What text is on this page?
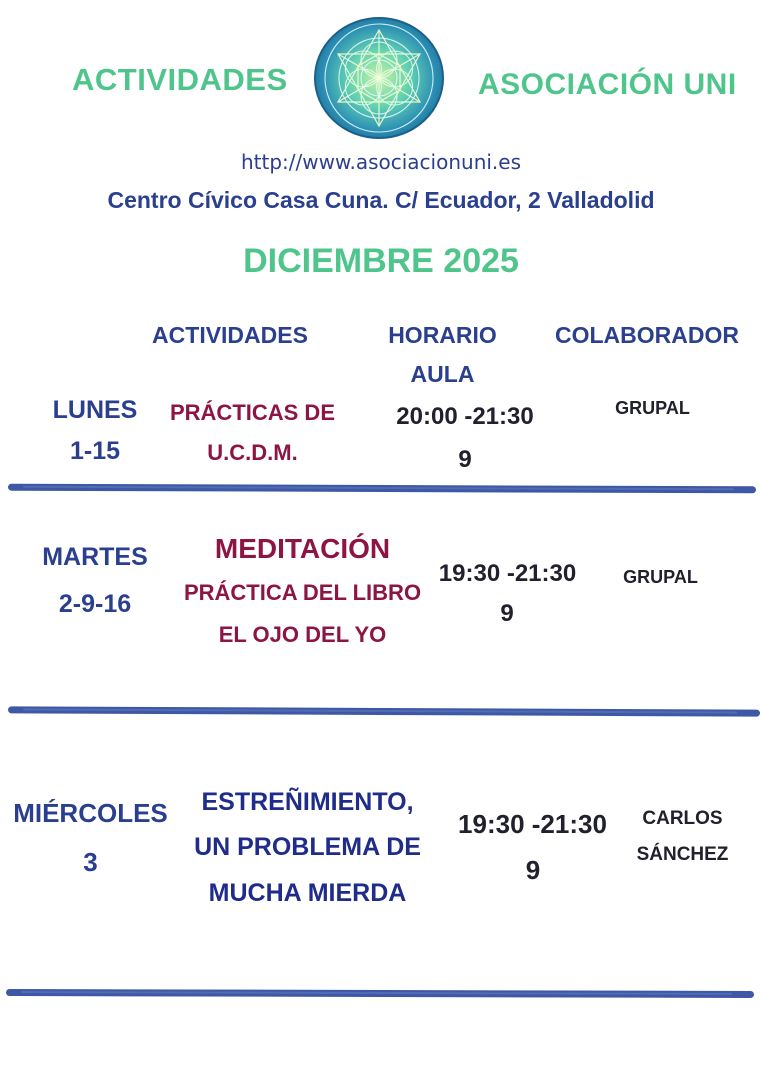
ACTIVIDADES	ASOCIACIÓN UNI
http://www.asociacionuni.es
Centro Cívico Casa Cuna. C/ Ecuador, 2 Valladolid
DICIEMBRE 2025
ACTIVIDADES	HORARIO
AULA
COLABORADOR
LUNES
1-15
PRÁCTICAS DE
U.C.D.M.
20:00 -21:30
9
GRUPAL
MARTES
2-9-16
MEDITACIÓN
PRÁCTICA DEL LIBRO
EL OJO DEL YO
19:30 -21:30
9
GRUPAL
MIÉRCOLES
3
ESTREÑIMIENTO,
UN PROBLEMA DE
MUCHA MIERDA
19:30 -21:30
9
CARLOS
SÁNCHEZ
